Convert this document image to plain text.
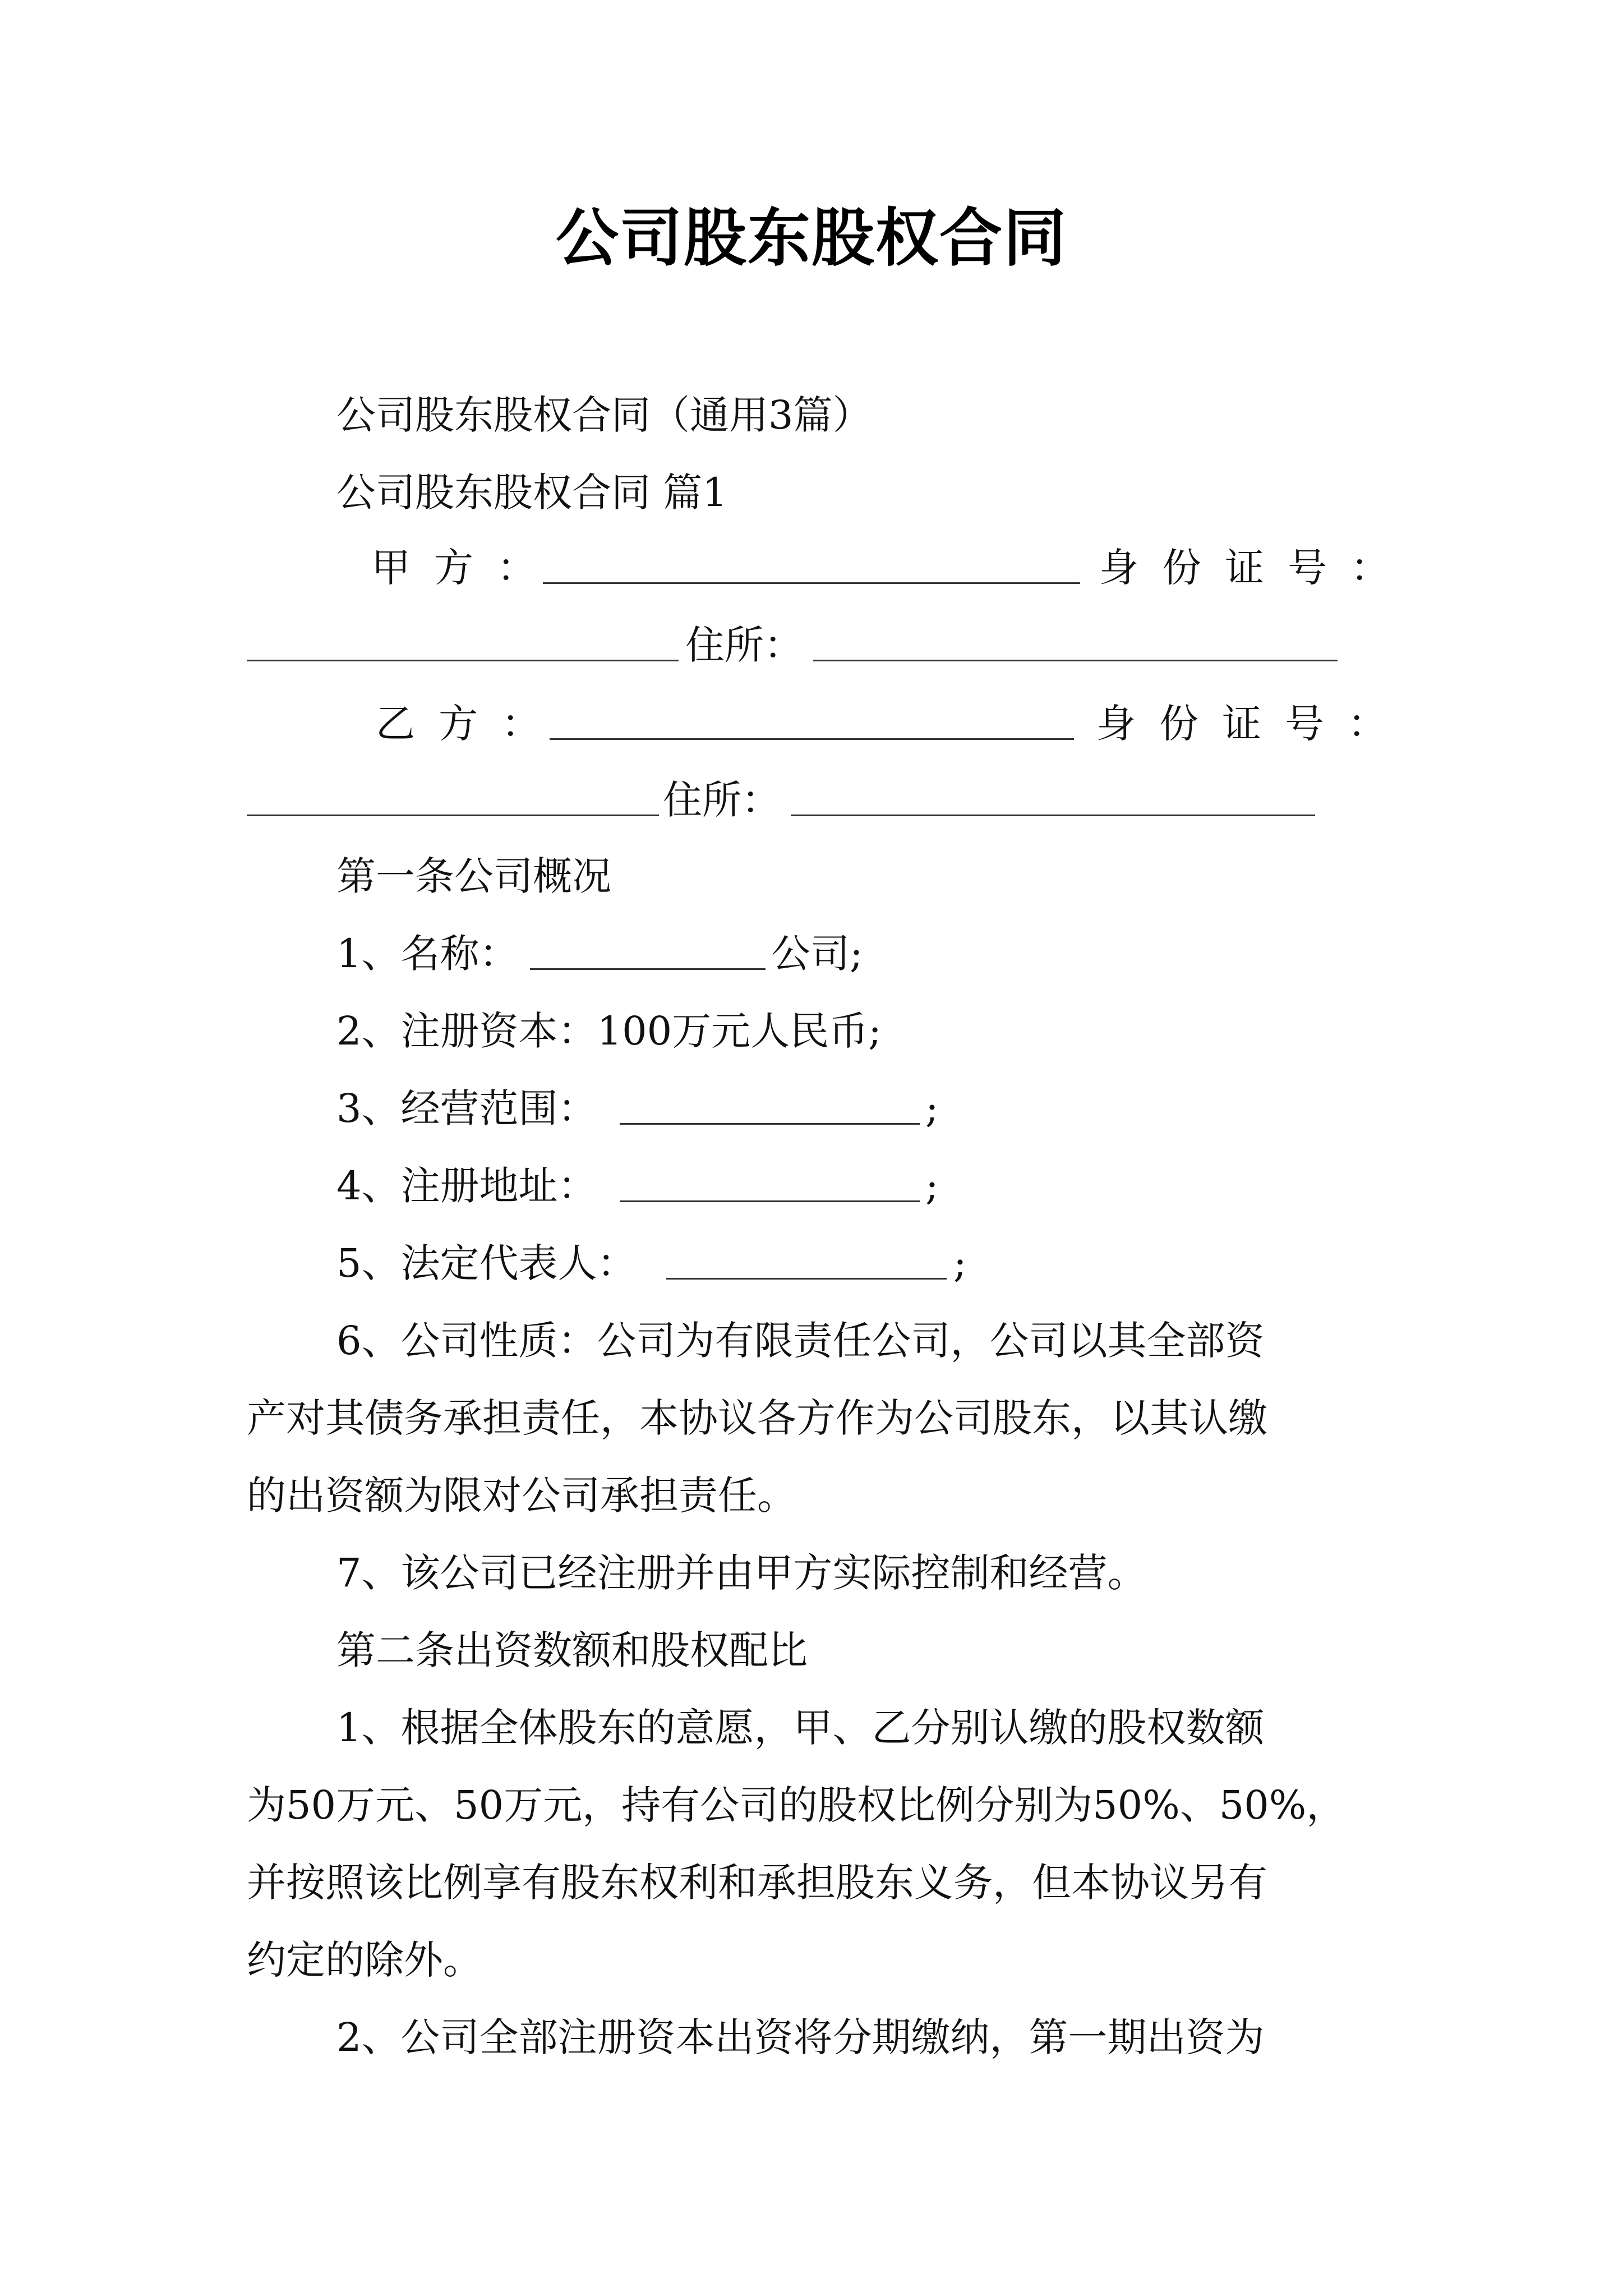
公司股东股权合同
公司股东股权合同（通用3篇）
公司股东股权合同 篇1
甲方：	身份证号：
住所：
乙方：	身份证号：
住所：
第一条公司概况
1、名称：	公司;
2、注册资本：100万元人民币;
3、经营范围：	;
4、注册地址：	;
5、法定代表人：	;
6、公司性质：公司为有限责任公司，公司以其全部资
产对其债务承担责任，本协议各方作为公司股东，以其认缴
的出资额为限对公司承担责任。
7、该公司已经注册并由甲方实际控制和经营。
第二条出资数额和股权配比
1、根据全体股东的意愿，甲、乙分别认缴的股权数额
为50万元、50万元，持有公司的股权比例分别为50%、50%，
并按照该比例享有股东权利和承担股东义务，但本协议另有
约定的除外。
2、公司全部注册资本出资将分期缴纳，第一期出资为
